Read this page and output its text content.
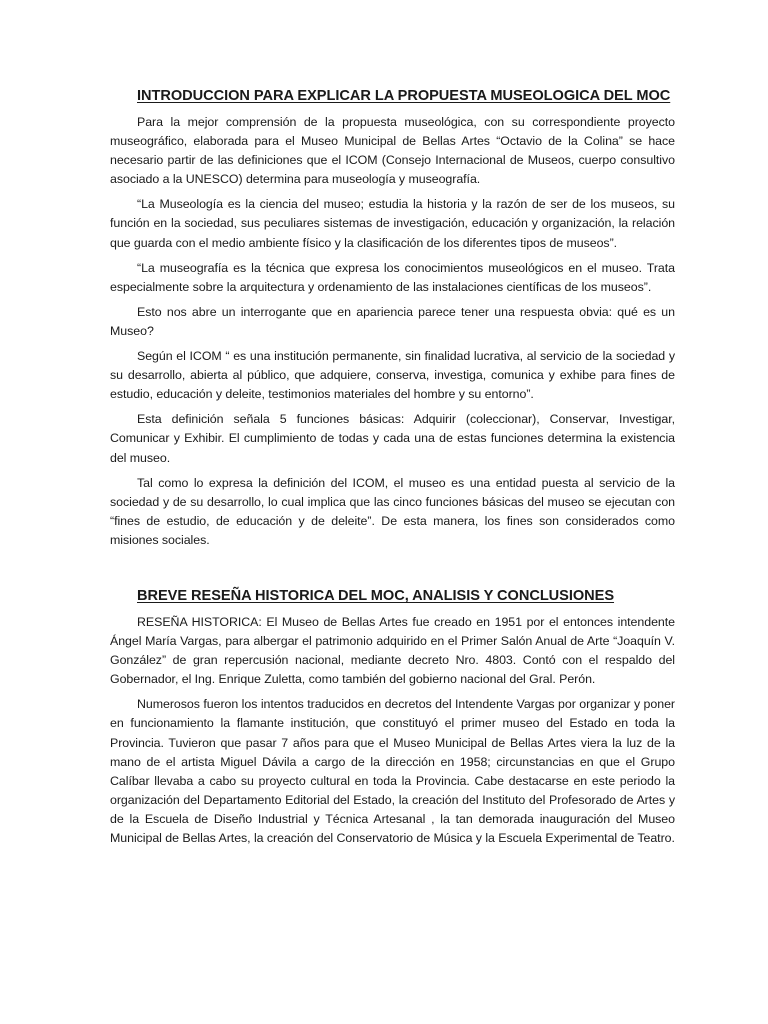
INTRODUCCION PARA EXPLICAR LA PROPUESTA MUSEOLOGICA DEL MOC

Para la mejor comprensión de la propuesta museológica, con su correspondiente proyecto museográfico, elaborada para el Museo Municipal de Bellas Artes “Octavio de la Colina” se hace necesario partir de las definiciones que el ICOM (Consejo Internacional de Museos, cuerpo consultivo asociado a la UNESCO) determina para museología y museografía.

“La Museología es la ciencia del museo; estudia la historia y la razón de ser de los museos, su función en la sociedad, sus peculiares sistemas de investigación, educación y organización, la relación que guarda con el medio ambiente físico y la clasificación de los diferentes tipos de museos”.

“La museografía es la técnica que expresa los conocimientos museológicos en el museo. Trata especialmente sobre la arquitectura y ordenamiento de las instalaciones científicas de los museos”.

Esto nos abre un interrogante que en apariencia parece tener una respuesta obvia: qué es un Museo?

Según el ICOM “ es una institución permanente, sin finalidad lucrativa, al servicio de la sociedad y su desarrollo, abierta al público, que adquiere, conserva, investiga, comunica y exhibe para fines de estudio, educación y deleite, testimonios materiales del hombre y su entorno”.

Esta definición señala 5 funciones básicas: Adquirir (coleccionar), Conservar, Investigar, Comunicar y Exhibir. El cumplimiento de todas y cada una de estas funciones determina la existencia del museo.

Tal como lo expresa la definición del ICOM, el museo es una entidad puesta al servicio de la sociedad y de su desarrollo, lo cual implica que las cinco funciones básicas del museo se ejecutan con “fines de estudio, de educación y de deleite”. De esta manera, los fines son considerados como misiones sociales.

BREVE RESEÑA HISTORICA DEL MOC, ANALISIS Y CONCLUSIONES

RESEÑA HISTORICA: El Museo de Bellas Artes fue creado en 1951 por el entonces intendente Ángel María Vargas, para albergar el patrimonio adquirido en el Primer Salón Anual de Arte “Joaquín V. González” de gran repercusión nacional, mediante decreto Nro. 4803. Contó con el respaldo del Gobernador, el Ing. Enrique Zuletta, como también del gobierno nacional del Gral. Perón.

Numerosos fueron los intentos traducidos en decretos del Intendente Vargas por organizar y poner en funcionamiento la flamante institución, que constituyó el primer museo del Estado en toda la Provincia. Tuvieron que pasar 7 años para que el Museo Municipal de Bellas Artes viera la luz de la mano de el artista Miguel Dávila a cargo de la dirección en 1958; circunstancias en que el Grupo Calíbar llevaba a cabo su proyecto cultural en toda la Provincia. Cabe destacarse en este periodo la organización del Departamento Editorial del Estado, la creación del Instituto del Profesorado de Artes y de la Escuela de Diseño Industrial y Técnica Artesanal , la tan demorada inauguración del Museo Municipal de Bellas Artes, la creación del Conservatorio de Música y la Escuela Experimental de Teatro.
